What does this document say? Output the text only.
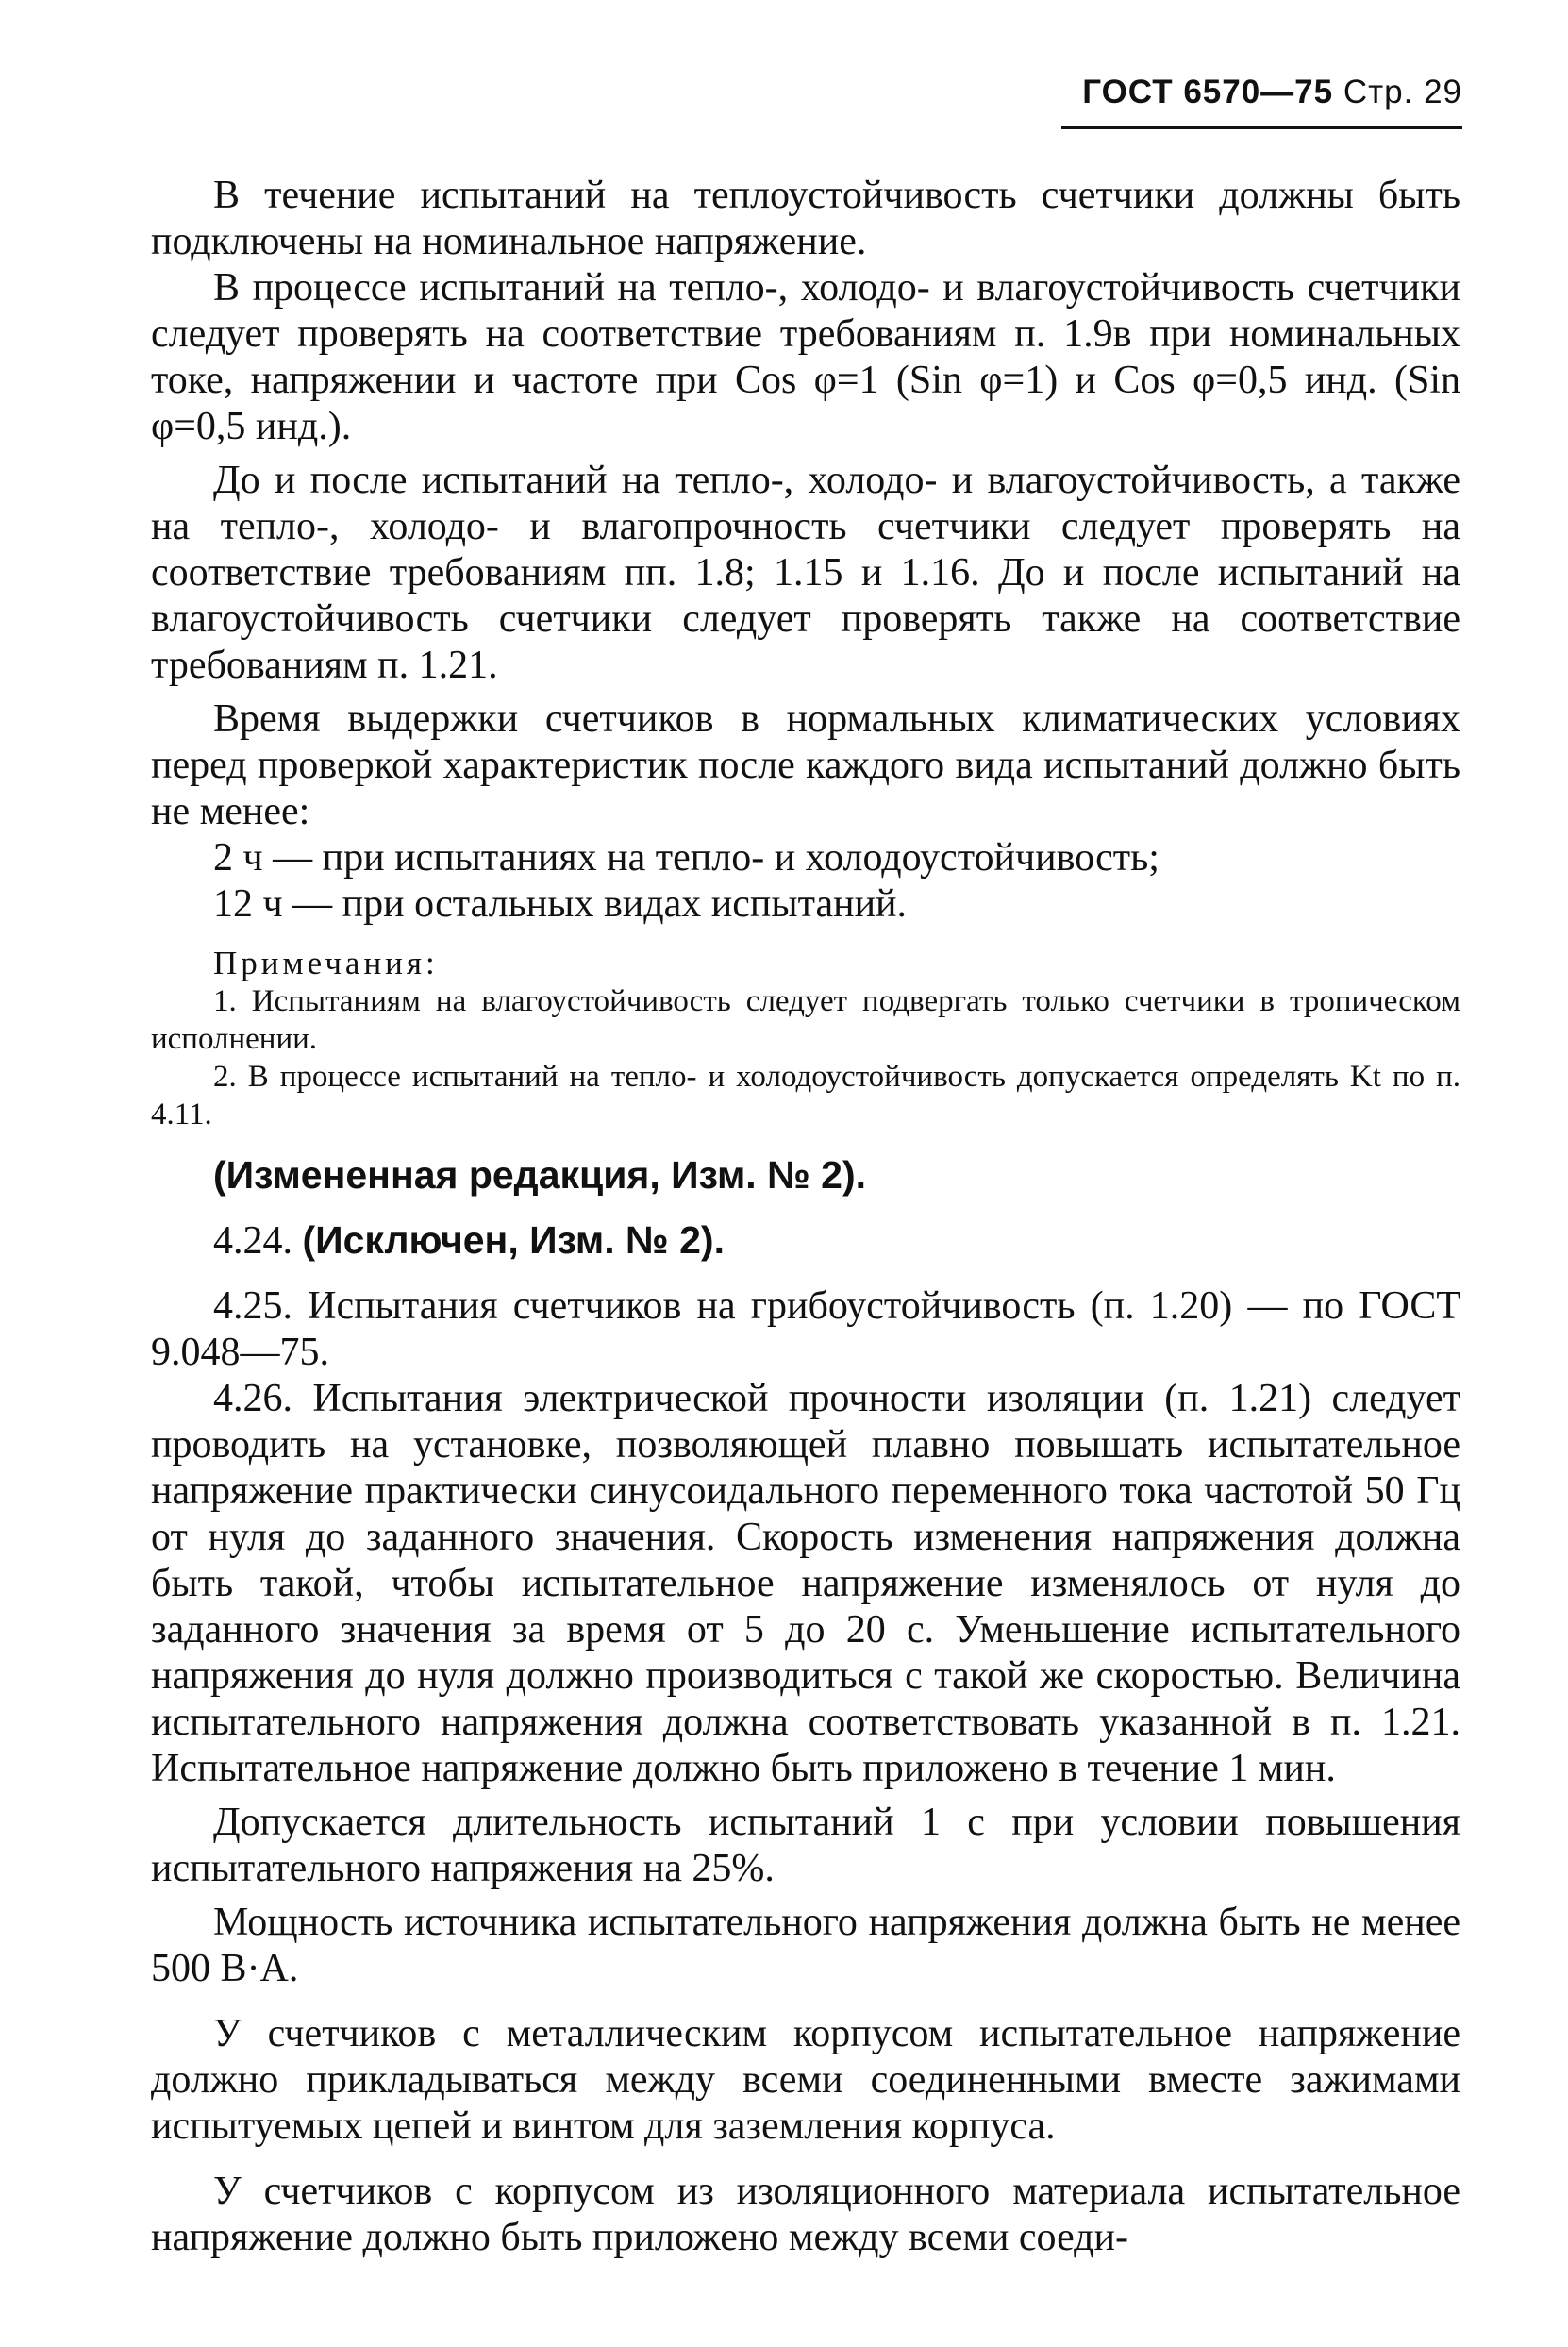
ГОСТ 6570—75 Стр. 29

В течение испытаний на теплоустойчивость счетчики должны быть подключены на номинальное напряжение.

В процессе испытаний на тепло-, холодо- и влагоустойчивость счетчики следует проверять на соответствие требованиям п. 1.9в при номинальных токе, напряжении и частоте при Cos φ=1 (Sin φ=1) и Cos φ=0,5 инд. (Sin φ=0,5 инд.).

До и после испытаний на тепло-, холодо- и влагоустойчивость, а также на тепло-, холодо- и влагопрочность счетчики следует проверять на соответствие требованиям пп. 1.8; 1.15 и 1.16. До и после испытаний на влагоустойчивость счетчики следует проверять также на соответствие требованиям п. 1.21.

Время выдержки счетчиков в нормальных климатических условиях перед проверкой характеристик после каждого вида испытаний должно быть не менее:

2 ч — при испытаниях на тепло- и холодоустойчивость;

12 ч — при остальных видах испытаний.

Примечания:

1. Испытаниям на влагоустойчивость следует подвергать только счетчики в тропическом исполнении.

2. В процессе испытаний на тепло- и холодоустойчивость допускается определять Kt по п. 4.11.

(Измененная редакция, Изм. № 2).

4.24. (Исключен, Изм. № 2).

4.25. Испытания счетчиков на грибоустойчивость (п. 1.20) — по ГОСТ 9.048—75.

4.26. Испытания электрической прочности изоляции (п. 1.21) следует проводить на установке, позволяющей плавно повышать испытательное напряжение практически синусоидального переменного тока частотой 50 Гц от нуля до заданного значения. Скорость изменения напряжения должна быть такой, чтобы испытательное напряжение изменялось от нуля до заданного значения за время от 5 до 20 с. Уменьшение испытательного напряжения до нуля должно производиться с такой же скоростью. Величина испытательного напряжения должна соответствовать указанной в п. 1.21. Испытательное напряжение должно быть приложено в течение 1 мин.

Допускается длительность испытаний 1 с при условии повышения испытательного напряжения на 25%.

Мощность источника испытательного напряжения должна быть не менее 500 В·А.

У счетчиков с металлическим корпусом испытательное напряжение должно прикладываться между всеми соединенными вместе зажимами испытуемых цепей и винтом для заземления корпуса.

У счетчиков с корпусом из изоляционного материала испытательное напряжение должно быть приложено между всеми соеди-
